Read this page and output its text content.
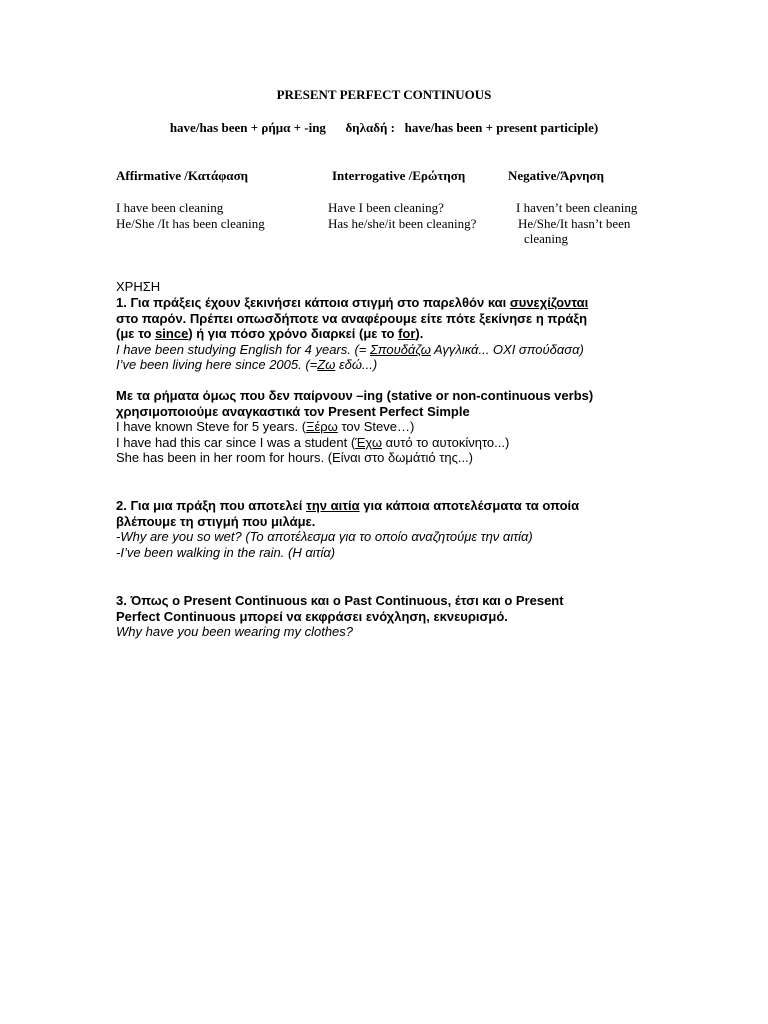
PRESENT PERFECT CONTINUOUS
have/has been + ρήμα + -ing δηλαδή : have/has been + present participle)
Affirmative /Κατάφαση	Interrogative /Ερώτηση	Negative/Άρνηση
I have been cleaning
He/She /It has been cleaning
Have I been cleaning?
Has he/she/it been cleaning?
I haven’t been cleaning
He/She/It hasn’t been
cleaning
ΧΡΗΣΗ
1. Για πράξεις έχουν ξεκινήσει κάποια στιγμή στο παρελθόν και συνεχίζονται
στο παρόν. Πρέπει οπωσδήποτε να αναφέρουμε είτε πότε ξεκίνησε η πράξη
(με το since) ή για πόσο χρόνο διαρκεί (με το for).
I have been studying English for 4 years. (= Σπουδάζω Αγγλικά... ΟΧΙ σπούδασα)
I’ve been living here since 2005. (=Ζω εδώ...)
Με τα ρήματα όμως που δεν παίρνουν –ing (stative or non-continuous verbs)
χρησιμοποιούμε αναγκαστικά τον Present Perfect Simple
I have known Steve for 5 years. (Ξέρω τον Steve…)
I have had this car since I was a student (Έχω αυτό το αυτοκίνητο...)
She has been in her room for hours. (Είναι στο δωμάτιό της...)
2. Για μια πράξη που αποτελεί την αιτία για κάποια αποτελέσματα τα οποία
βλέπουμε τη στιγμή που μιλάμε.
-Why are you so wet? (Το αποτέλεσμα για το οποίο αναζητούμε την αιτία)
-I’ve been walking in the rain. (Η αιτία)
3. Όπως ο Present Continuous και ο Past Continuous, έτσι και ο Present
Perfect Continuous μπορεί να εκφράσει ενόχληση, εκνευρισμό.
Why have you been wearing my clothes?
